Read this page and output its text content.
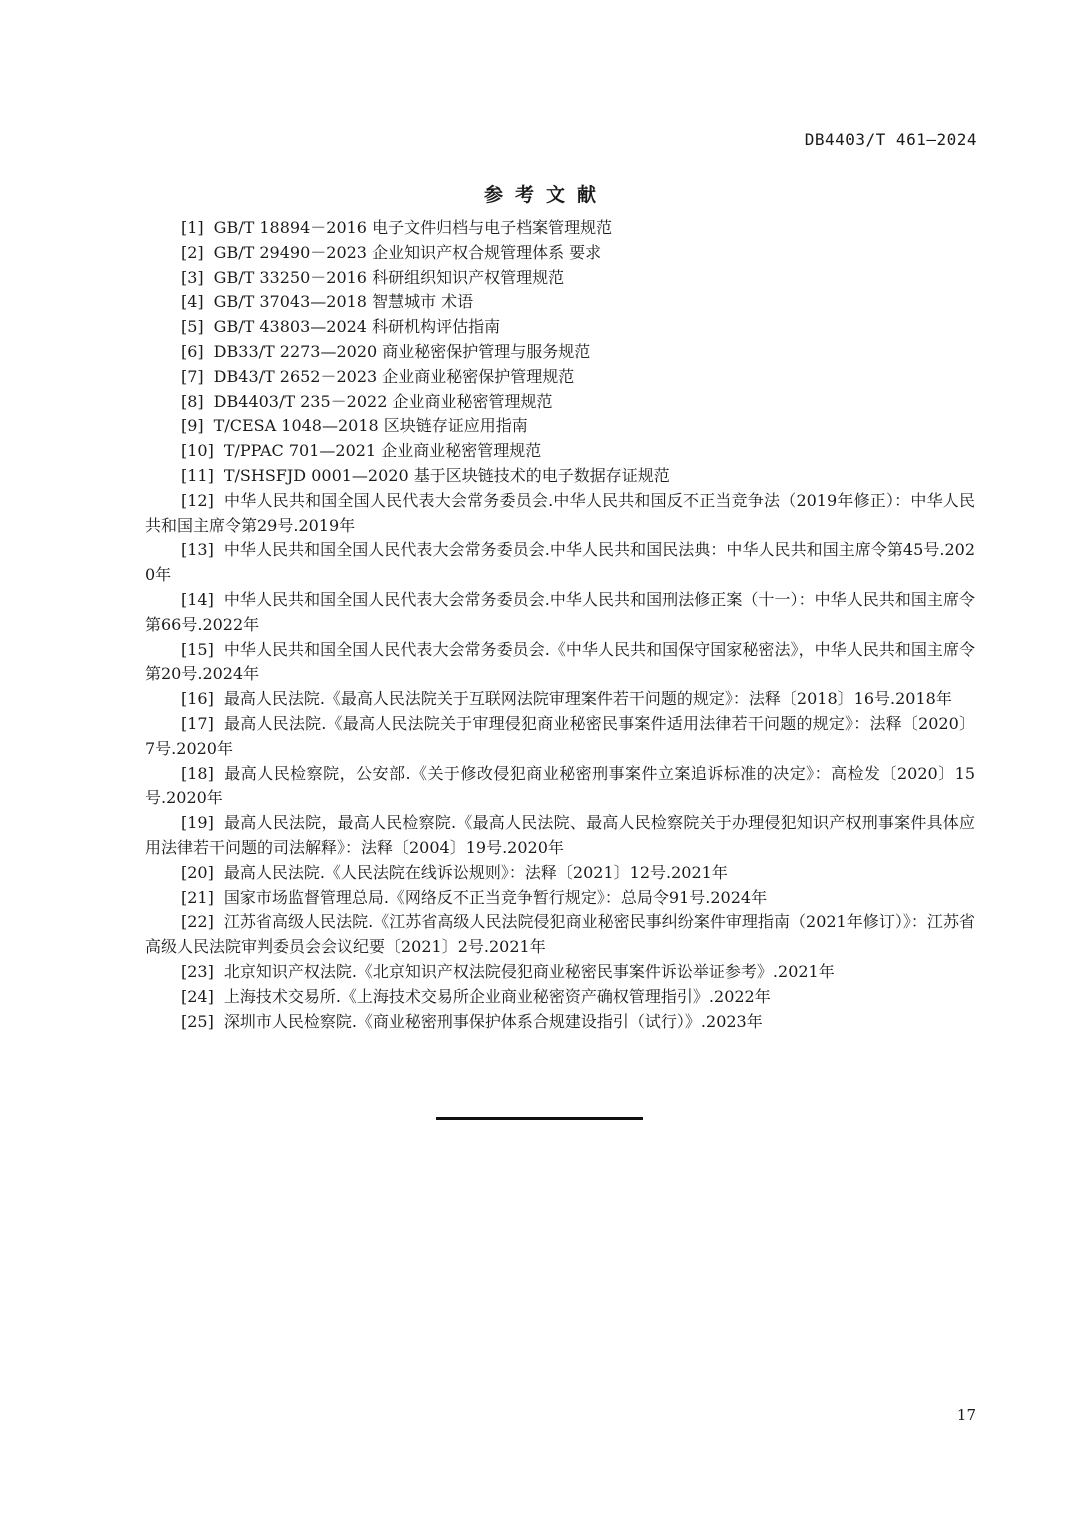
DB4403/T 461—2024
参考文献
[1] GB/T 18894－2016 电子文件归档与电子档案管理规范
[2] GB/T 29490－2023 企业知识产权合规管理体系 要求
[3] GB/T 33250－2016 科研组织知识产权管理规范
[4] GB/T 37043—2018 智慧城市 术语
[5] GB/T 43803—2024 科研机构评估指南
[6] DB33/T 2273—2020 商业秘密保护管理与服务规范
[7] DB43/T 2652－2023 企业商业秘密保护管理规范
[8] DB4403/T 235－2022 企业商业秘密管理规范
[9] T/CESA 1048—2018 区块链存证应用指南
[10] T/PPAC 701—2021 企业商业秘密管理规范
[11] T/SHSFJD 0001—2020 基于区块链技术的电子数据存证规范
[12] 中华人民共和国全国人民代表大会常务委员会.中华人民共和国反不正当竞争法（2019年修正）：中华人民共和国主席令第29号.2019年
[13] 中华人民共和国全国人民代表大会常务委员会.中华人民共和国民法典：中华人民共和国主席令第45号.2020年
[14] 中华人民共和国全国人民代表大会常务委员会.中华人民共和国刑法修正案（十一）：中华人民共和国主席令第66号.2022年
[15] 中华人民共和国全国人民代表大会常务委员会.《中华人民共和国保守国家秘密法》，中华人民共和国主席令第20号.2024年
[16] 最高人民法院.《最高人民法院关于互联网法院审理案件若干问题的规定》：法释〔2018〕16号.2018年
[17] 最高人民法院.《最高人民法院关于审理侵犯商业秘密民事案件适用法律若干问题的规定》：法释〔2020〕7号.2020年
[18] 最高人民检察院，公安部.《关于修改侵犯商业秘密刑事案件立案追诉标准的决定》：高检发〔2020〕15号.2020年
[19] 最高人民法院，最高人民检察院.《最高人民法院、最高人民检察院关于办理侵犯知识产权刑事案件具体应用法律若干问题的司法解释》：法释〔2004〕19号.2020年
[20] 最高人民法院.《人民法院在线诉讼规则》：法释〔2021〕12号.2021年
[21] 国家市场监督管理总局.《网络反不正当竞争暂行规定》：总局令91号.2024年
[22] 江苏省高级人民法院.《江苏省高级人民法院侵犯商业秘密民事纠纷案件审理指南（2021年修订）》：江苏省高级人民法院审判委员会会议纪要〔2021〕2号.2021年
[23] 北京知识产权法院.《北京知识产权法院侵犯商业秘密民事案件诉讼举证参考》.2021年
[24] 上海技术交易所.《上海技术交易所企业商业秘密资产确权管理指引》.2022年
[25] 深圳市人民检察院.《商业秘密刑事保护体系合规建设指引（试行）》.2023年
17
